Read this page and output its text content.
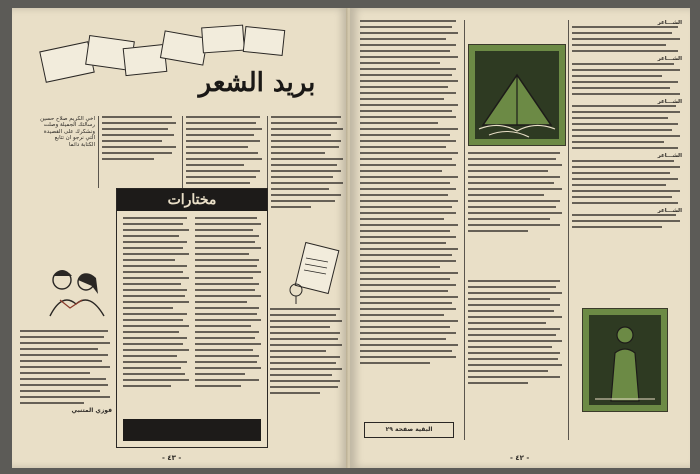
بريد الشعر
أخي الكريم صلاح حسين
رسالتك الجميلة وصلت
ونشكرك على القصيدة
التي نرجو ان تتابع
الكتابة دائما
مختارات
فوزي المتنبي
- ٤٣ -
الشـــاعر
الشـــاعر
الشـــاعر
الشـــاعر
الشـــاعر
البقية صفحة ٢٩
- ٤٢ -
